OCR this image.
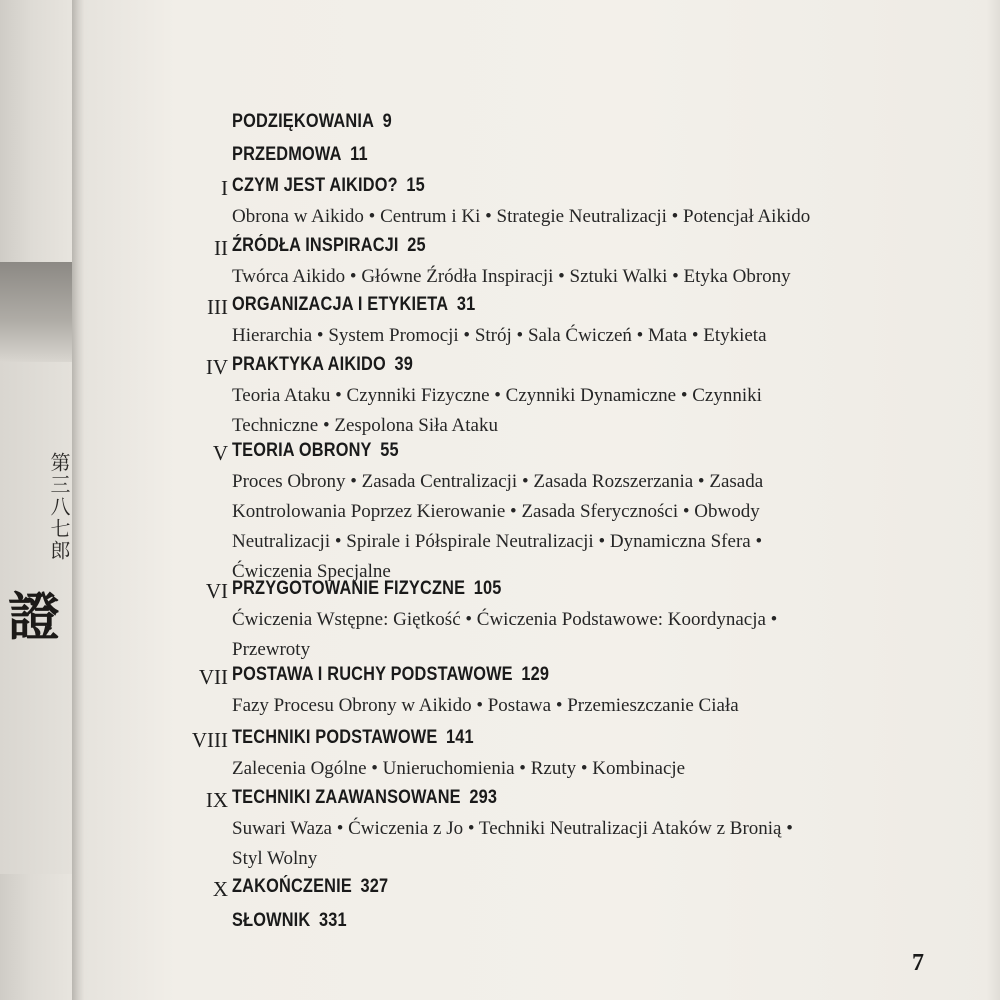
第三八七郎
證
PODZIĘKOWANIA 9
PRZEDMOWA 11
I CZYM JEST AIKIDO? 15
Obrona w Aikido • Centrum i Ki • Strategie Neutralizacji • Potencjał Aikido
II ŹRÓDŁA INSPIRACJI 25
Twórca Aikido • Główne Źródła Inspiracji • Sztuki Walki • Etyka Obrony
III ORGANIZACJA I ETYKIETA 31
Hierarchia • System Promocji • Strój • Sala Ćwiczeń • Mata • Etykieta
IV PRAKTYKA AIKIDO 39
Teoria Ataku • Czynniki Fizyczne • Czynniki Dynamiczne • Czynniki
Techniczne • Zespolona Siła Ataku
V TEORIA OBRONY 55
Proces Obrony • Zasada Centralizacji • Zasada Rozszerzania • Zasada
Kontrolowania Poprzez Kierowanie • Zasada Sferyczności • Obwody
Neutralizacji • Spirale i Półspirale Neutralizacji • Dynamiczna Sfera •
Ćwiczenia Specjalne
VI PRZYGOTOWANIE FIZYCZNE 105
Ćwiczenia Wstępne: Giętkość • Ćwiczenia Podstawowe: Koordynacja •
Przewroty
VII POSTAWA I RUCHY PODSTAWOWE 129
Fazy Procesu Obrony w Aikido • Postawa • Przemieszczanie Ciała
VIII TECHNIKI PODSTAWOWE 141
Zalecenia Ogólne • Unieruchomienia • Rzuty • Kombinacje
IX TECHNIKI ZAAWANSOWANE 293
Suwari Waza • Ćwiczenia z Jo • Techniki Neutralizacji Ataków z Bronią •
Styl Wolny
X ZAKOŃCZENIE 327
SŁOWNIK 331
7
